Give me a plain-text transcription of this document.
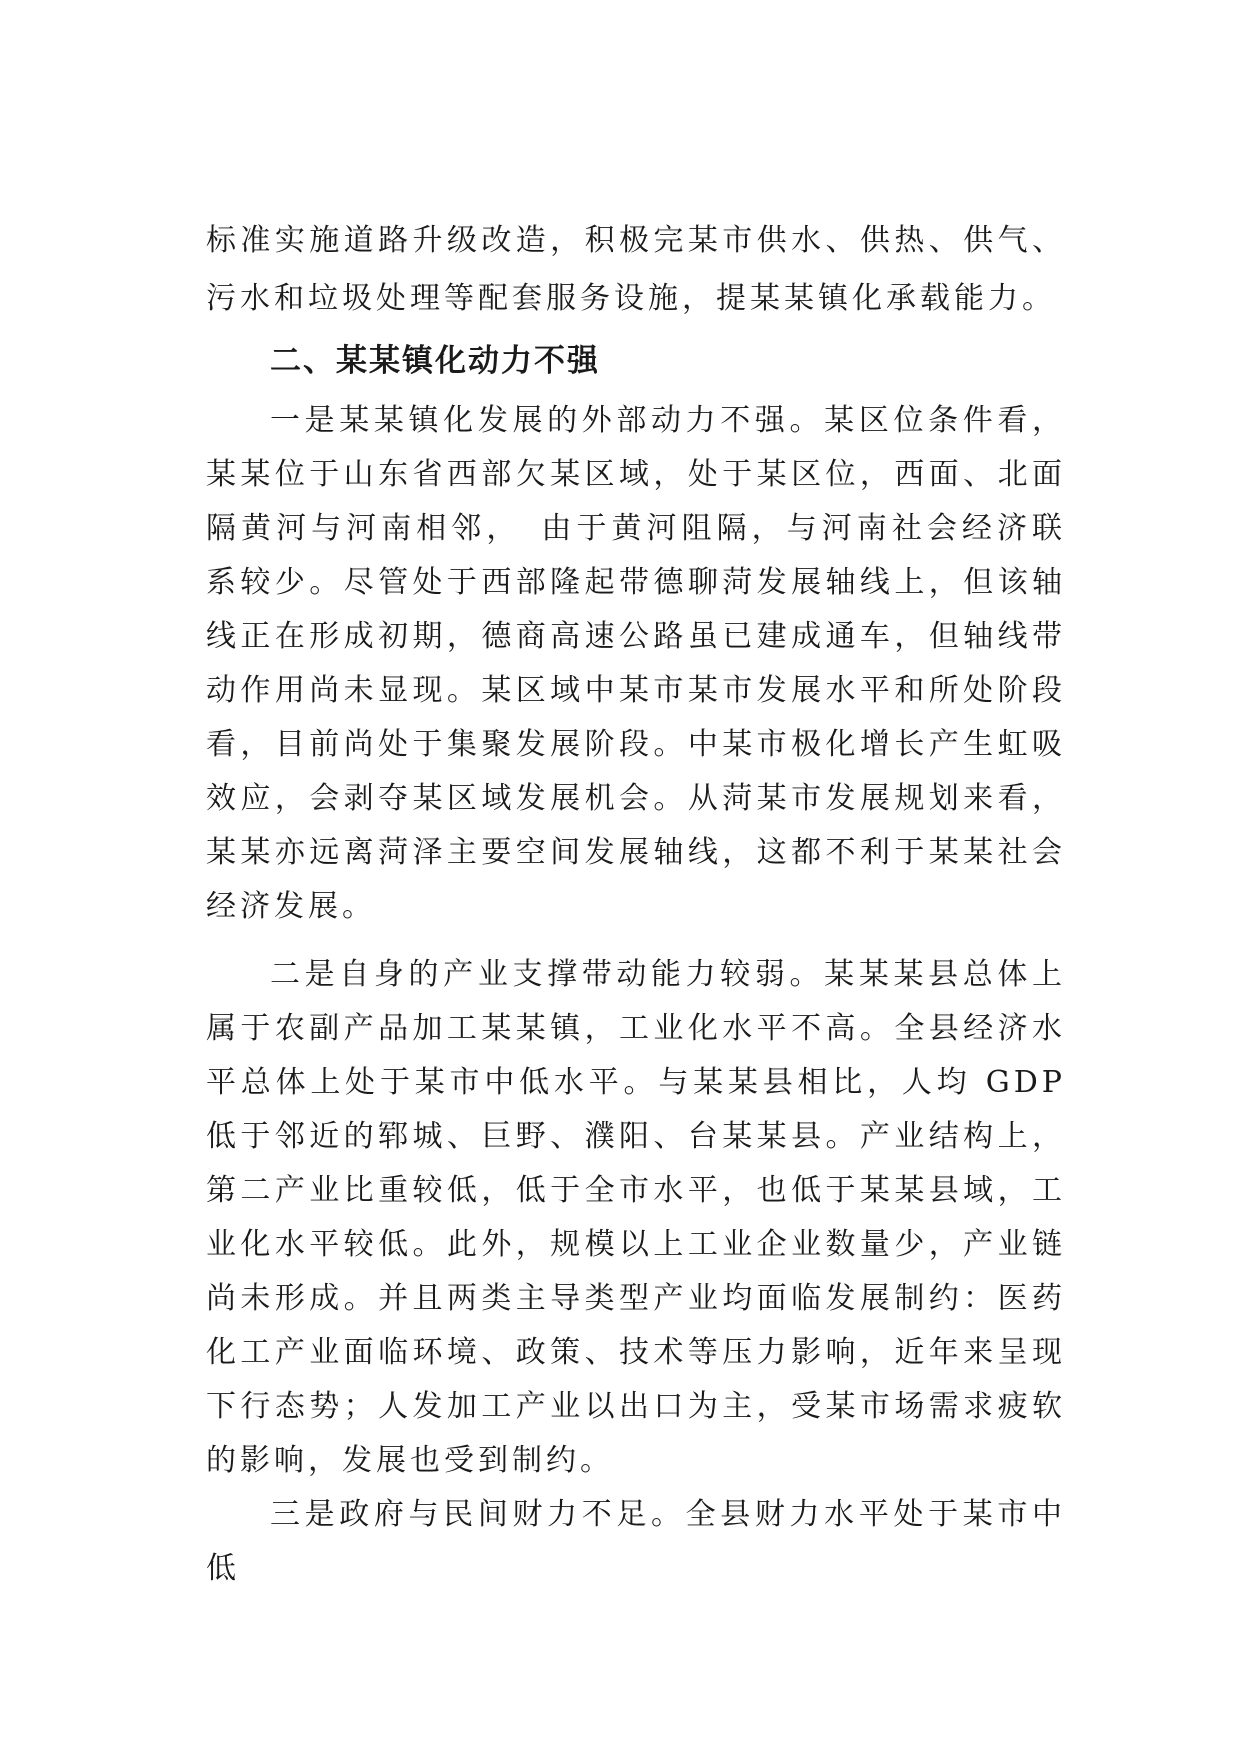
标准实施道路升级改造，积极完某市供水、供热、供气、污水和垃圾处理等配套服务设施，提某某镇化承载能力。

二、某某镇化动力不强

一是某某镇化发展的外部动力不强。某区位条件看，某某位于山东省西部欠某区域，处于某区位，西面、北面隔黄河与河南相邻，　由于黄河阻隔，与河南社会经济联系较少。尽管处于西部隆起带德聊菏发展轴线上，但该轴线正在形成初期，德商高速公路虽已建成通车，但轴线带动作用尚未显现。某区域中某市某市发展水平和所处阶段看，目前尚处于集聚发展阶段。中某市极化增长产生虹吸效应，会剥夺某区域发展机会。从菏某市发展规划来看，某某亦远离菏泽主要空间发展轴线，这都不利于某某社会经济发展。

二是自身的产业支撑带动能力较弱。某某某县总体上属于农副产品加工某某镇，工业化水平不高。全县经济水平总体上处于某市中低水平。与某某县相比，人均 GDP 低于邻近的郓城、巨野、濮阳、台某某县。产业结构上，第二产业比重较低，低于全市水平，也低于某某县域，工业化水平较低。此外，规模以上工业企业数量少，产业链尚未形成。并且两类主导类型产业均面临发展制约：医药化工产业面临环境、政策、技术等压力影响，近年来呈现下行态势；人发加工产业以出口为主，受某市场需求疲软的影响，发展也受到制约。

三是政府与民间财力不足。全县财力水平处于某市中低
